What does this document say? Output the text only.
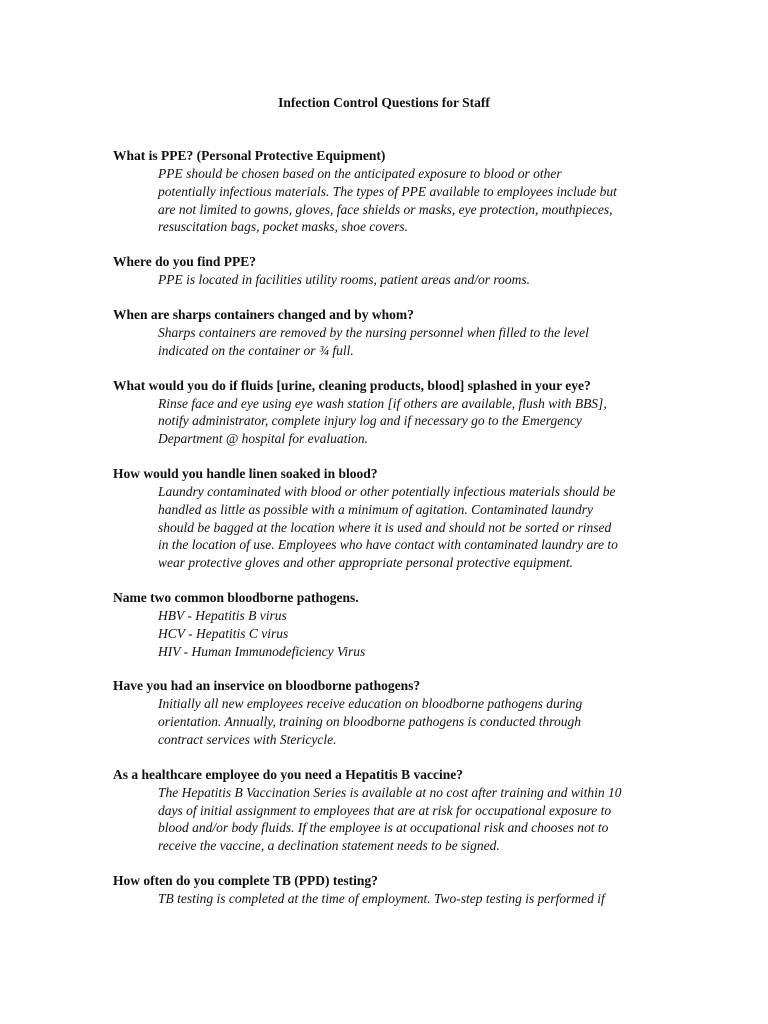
Infection Control Questions for Staff
What is PPE? (Personal Protective Equipment)
PPE should be chosen based on the anticipated exposure to blood or other
potentially infectious materials. The types of PPE available to employees include but
are not limited to gowns, gloves, face shields or masks, eye protection, mouthpieces,
resuscitation bags, pocket masks, shoe covers.
Where do you find PPE?
PPE is located in facilities utility rooms, patient areas and/or rooms.
When are sharps containers changed and by whom?
Sharps containers are removed by the nursing personnel when filled to the level
indicated on the container or ¾ full.
What would you do if fluids [urine, cleaning products, blood] splashed in your eye?
Rinse face and eye using eye wash station [if others are available, flush with BBS],
notify administrator, complete injury log and if necessary go to the Emergency
Department @ hospital for evaluation.
How would you handle linen soaked in blood?
Laundry contaminated with blood or other potentially infectious materials should be
handled as little as possible with a minimum of agitation. Contaminated laundry
should be bagged at the location where it is used and should not be sorted or rinsed
in the location of use. Employees who have contact with contaminated laundry are to
wear protective gloves and other appropriate personal protective equipment.
Name two common bloodborne pathogens.
HBV - Hepatitis B virus
HCV - Hepatitis C virus
HIV - Human Immunodeficiency Virus
Have you had an inservice on bloodborne pathogens?
Initially all new employees receive education on bloodborne pathogens during
orientation. Annually, training on bloodborne pathogens is conducted through
contract services with Stericycle.
As a healthcare employee do you need a Hepatitis B vaccine?
The Hepatitis B Vaccination Series is available at no cost after training and within 10
days of initial assignment to employees that are at risk for occupational exposure to
blood and/or body fluids. If the employee is at occupational risk and chooses not to
receive the vaccine, a declination statement needs to be signed.
How often do you complete TB (PPD) testing?
TB testing is completed at the time of employment. Two-step testing is performed if
